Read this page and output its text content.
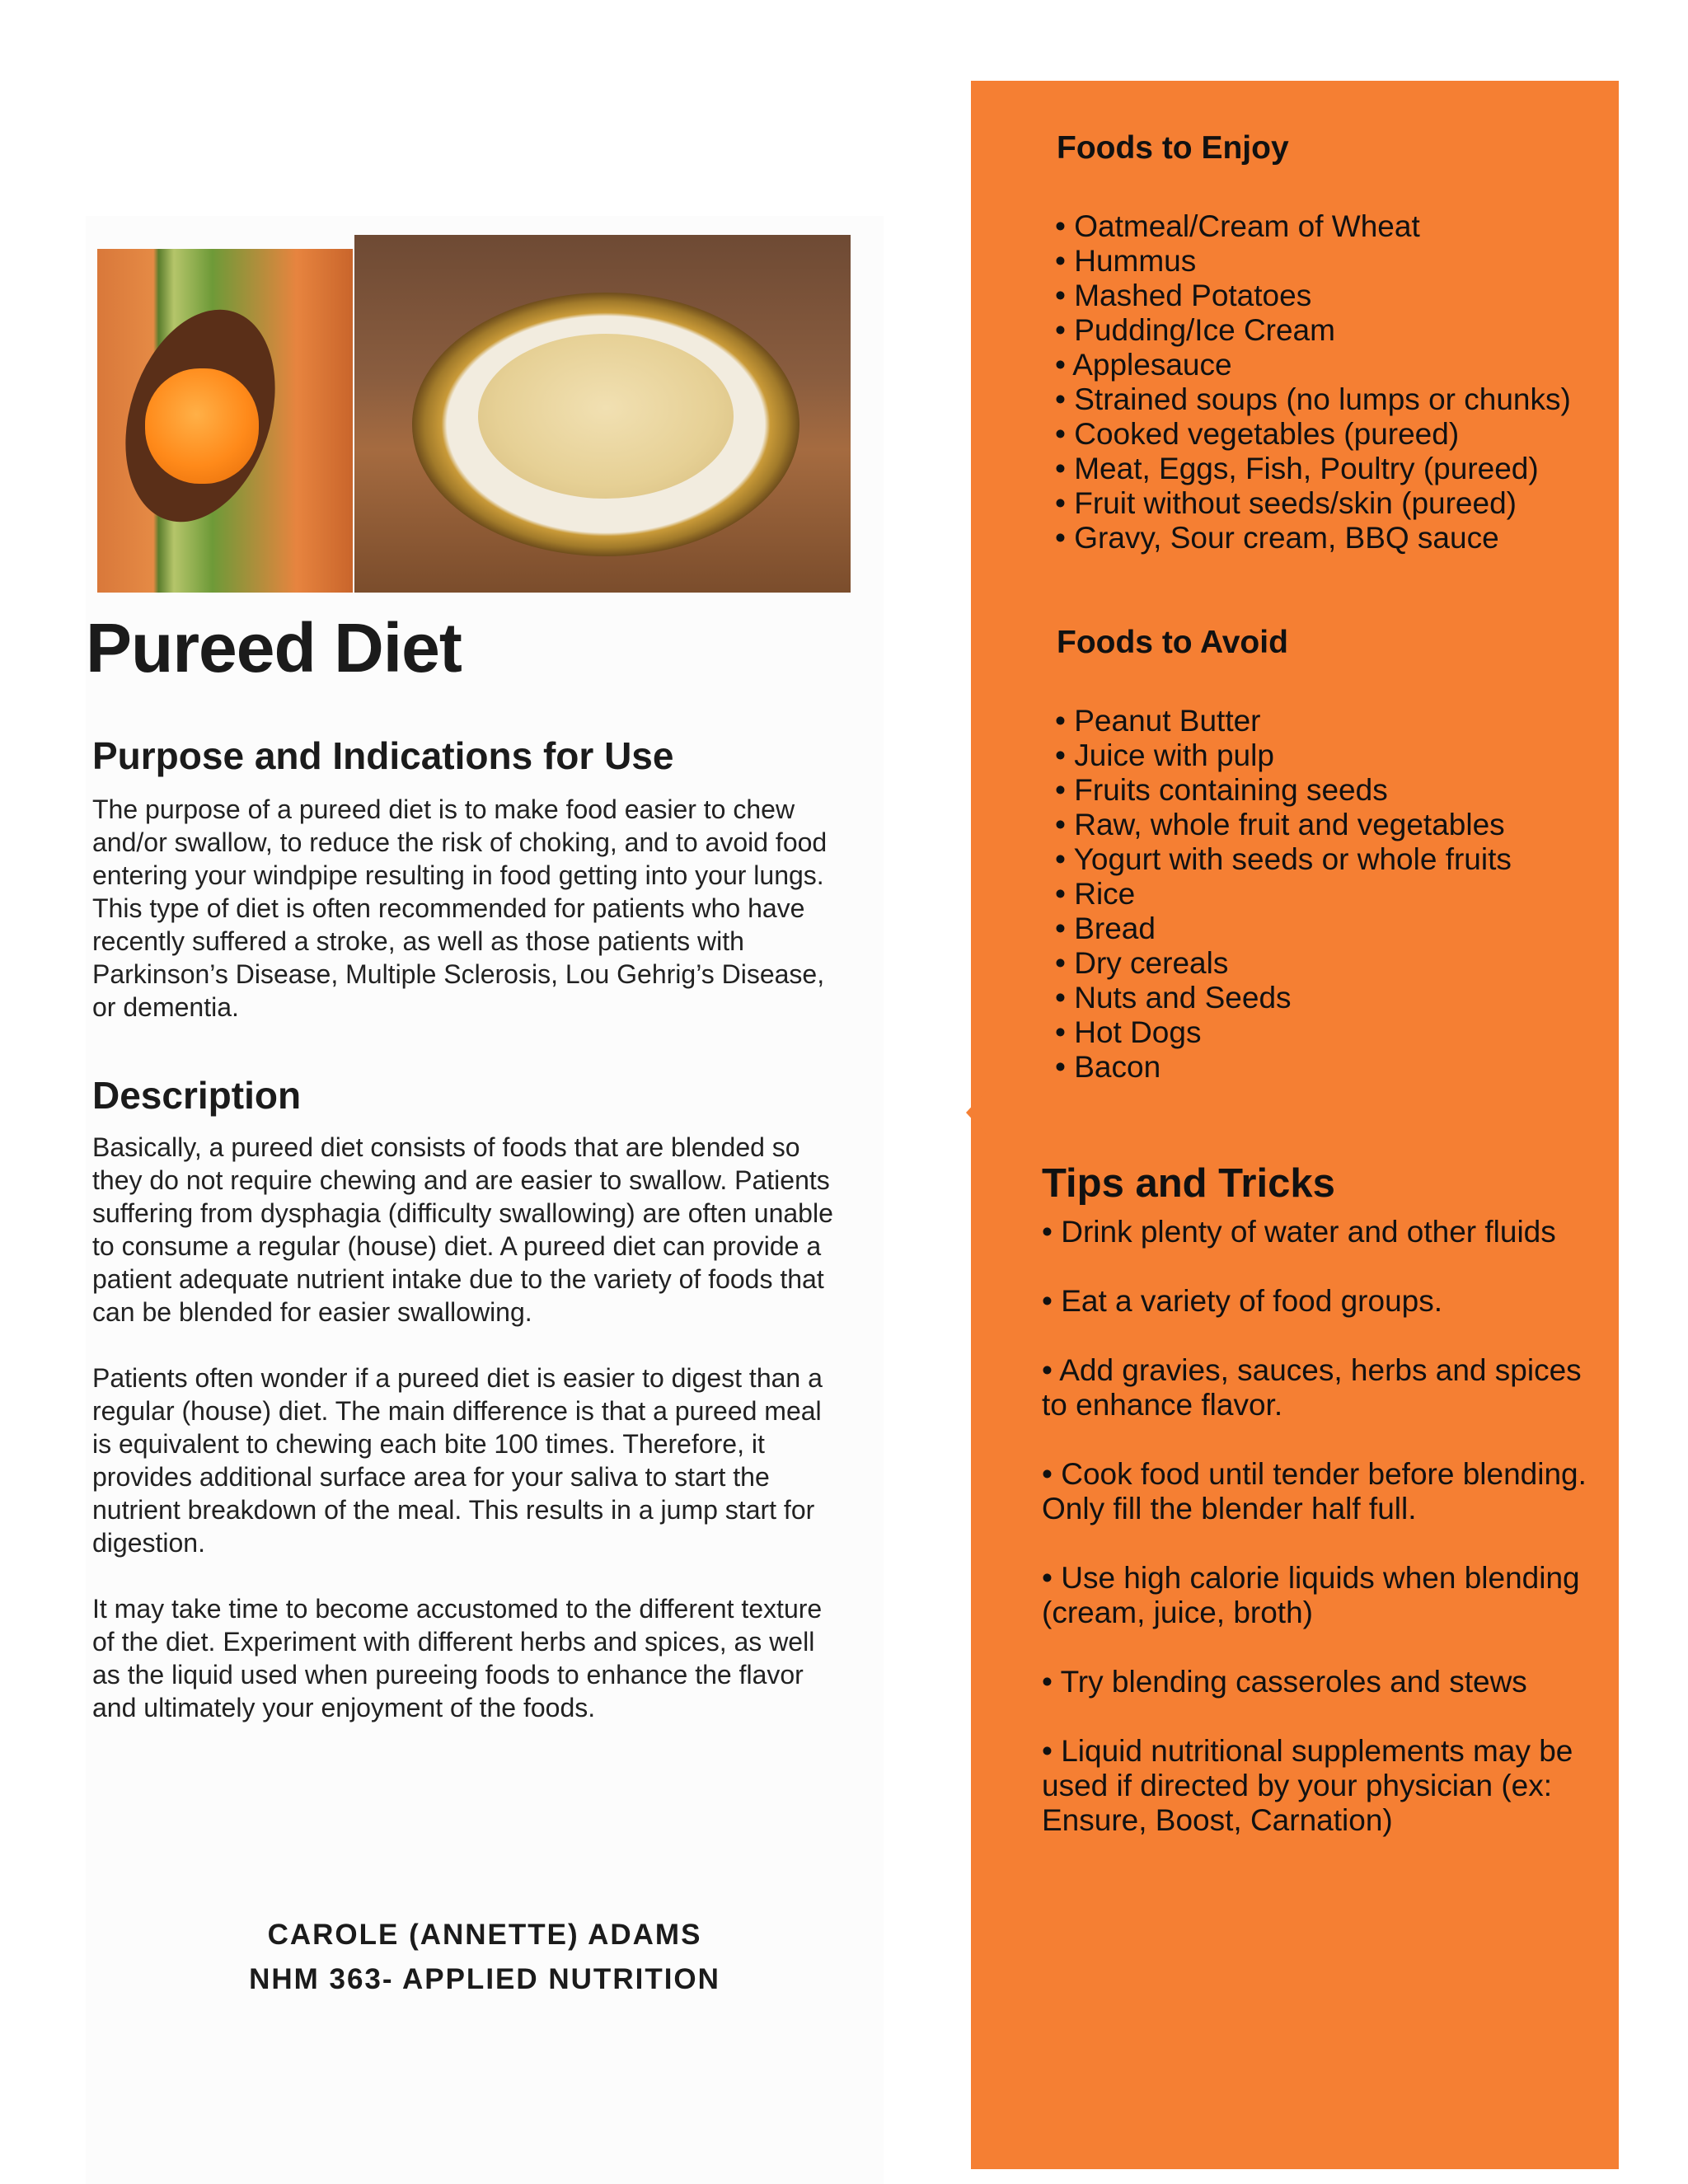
Pureed Diet
Purpose and Indications for Use

The purpose of a pureed diet is to make food easier to chew
and/or swallow, to reduce the risk of choking, and to avoid food
entering your windpipe resulting in food getting into your lungs.
This type of diet is often recommended for patients who have
recently suffered a stroke, as well as those patients with
Parkinson’s Disease, Multiple Sclerosis, Lou Gehrig’s Disease,
or dementia.

Description

Basically, a pureed diet consists of foods that are blended so
they do not require chewing and are easier to swallow. Patients
suffering from dysphagia (difficulty swallowing) are often unable
to consume a regular (house) diet. A pureed diet can provide a
patient adequate nutrient intake due to the variety of foods that
can be blended for easier swallowing.

Patients often wonder if a pureed diet is easier to digest than a
regular (house) diet. The main difference is that a pureed meal
is equivalent to chewing each bite 100 times. Therefore, it
provides additional surface area for your saliva to start the
nutrient breakdown of the meal. This results in a jump start for
digestion.

It may take time to become accustomed to the different texture
of the diet. Experiment with different herbs and spices, as well
as the liquid used when pureeing foods to enhance the flavor
and ultimately your enjoyment of the foods.

CAROLE (ANNETTE) ADAMS

NHM 363- APPLIED NUTRITION

Foods to Enjoy
• Oatmeal/Cream of Wheat
• Hummus
• Mashed Potatoes
• Pudding/Ice Cream
• Applesauce
• Strained soups (no lumps or chunks)
• Cooked vegetables (pureed)
• Meat, Eggs, Fish, Poultry (pureed)
• Fruit without seeds/skin (pureed)
• Gravy, Sour cream, BBQ sauce
Foods to Avoid
• Peanut Butter
• Juice with pulp
• Fruits containing seeds
• Raw, whole fruit and vegetables
• Yogurt with seeds or whole fruits
• Rice
• Bread
• Dry cereals
• Nuts and Seeds
• Hot Dogs
• Bacon
Tips and Tricks

• Drink plenty of water and other fluids

• Eat a variety of food groups.

• Add gravies, sauces, herbs and spices to enhance flavor.

• Cook food until tender before blending. Only fill the blender half full.

• Use high calorie liquids when blending (cream, juice, broth)

• Try blending casseroles and stews

• Liquid nutritional supplements may be used if directed by your physician (ex: Ensure, Boost, Carnation)
